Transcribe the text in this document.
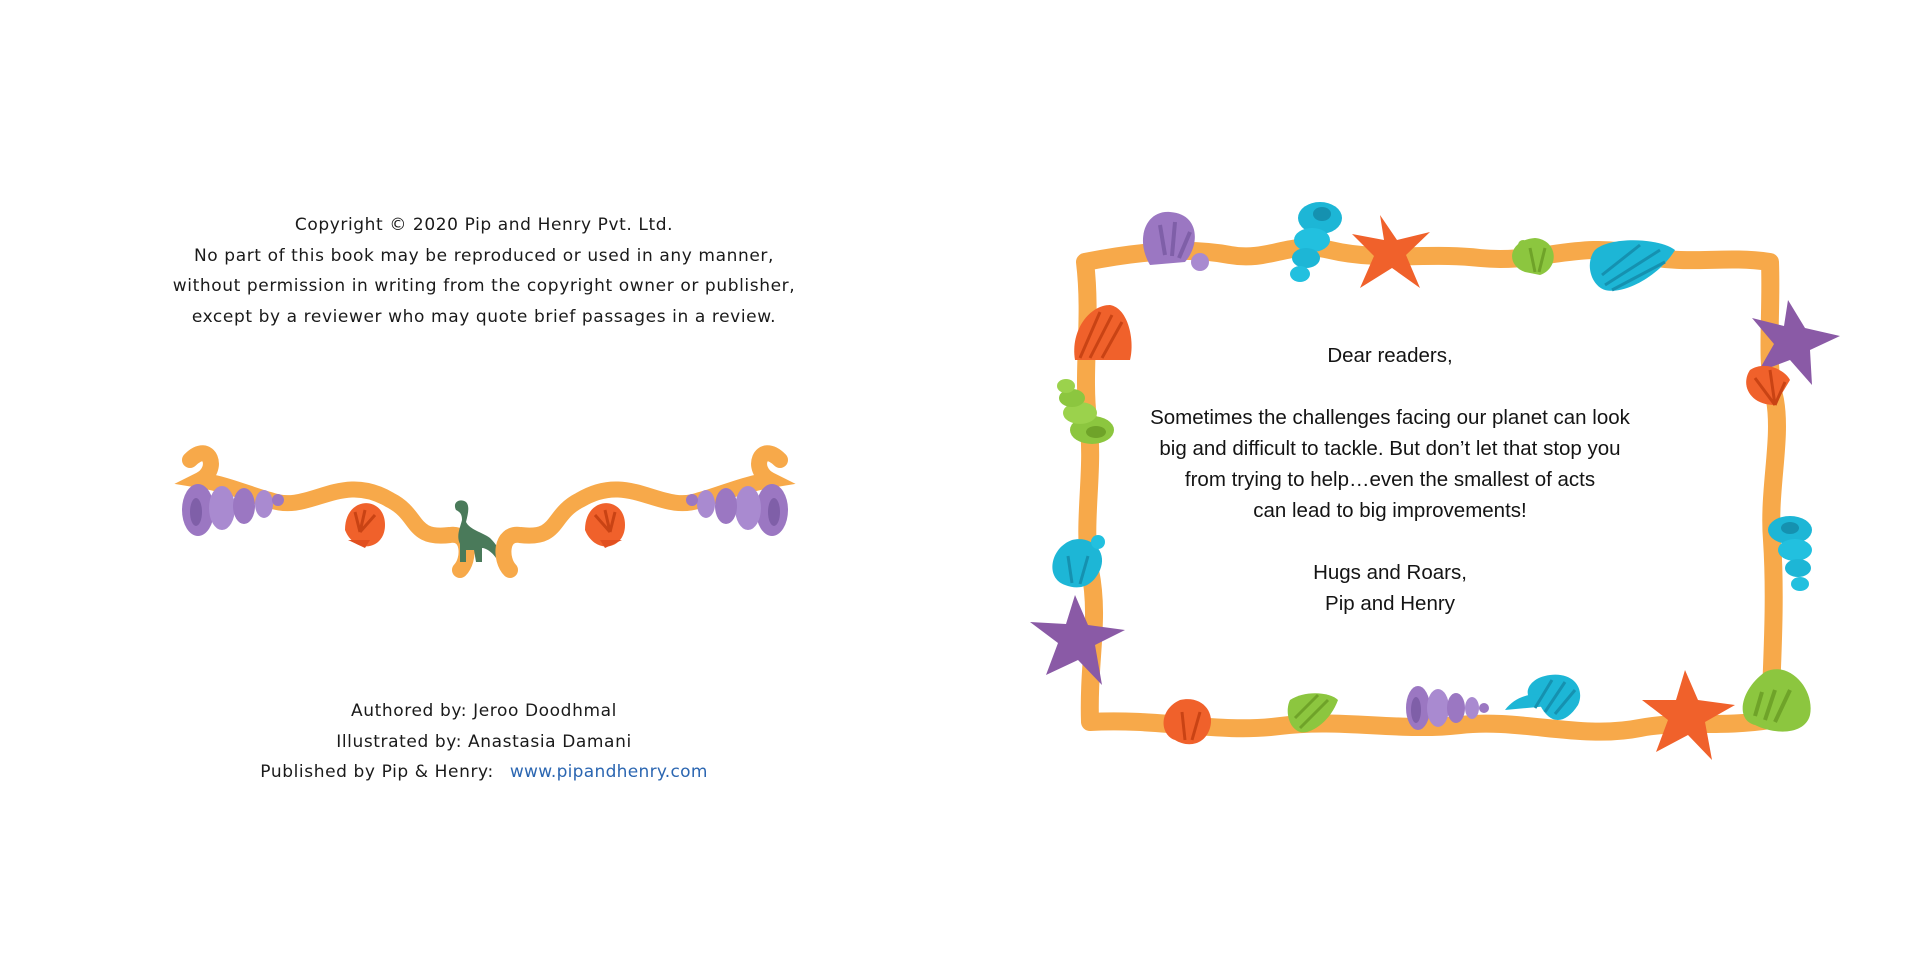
Copyright © 2020 Pip and Henry Pvt. Ltd.
No part of this book may be reproduced or used in any manner,
without permission in writing from the copyright owner or publisher,
except by a reviewer who may quote brief passages in a review.
Authored by: Jeroo Doodhmal
Illustrated by: Anastasia Damani
Published by Pip & Henry: www.pipandhenry.com

Dear readers,

Sometimes the challenges facing our planet can look

big and difficult to tackle. But don’t let that stop you

from trying to help…even the smallest of acts

can lead to big improvements!

Hugs and Roars,

Pip and Henry
